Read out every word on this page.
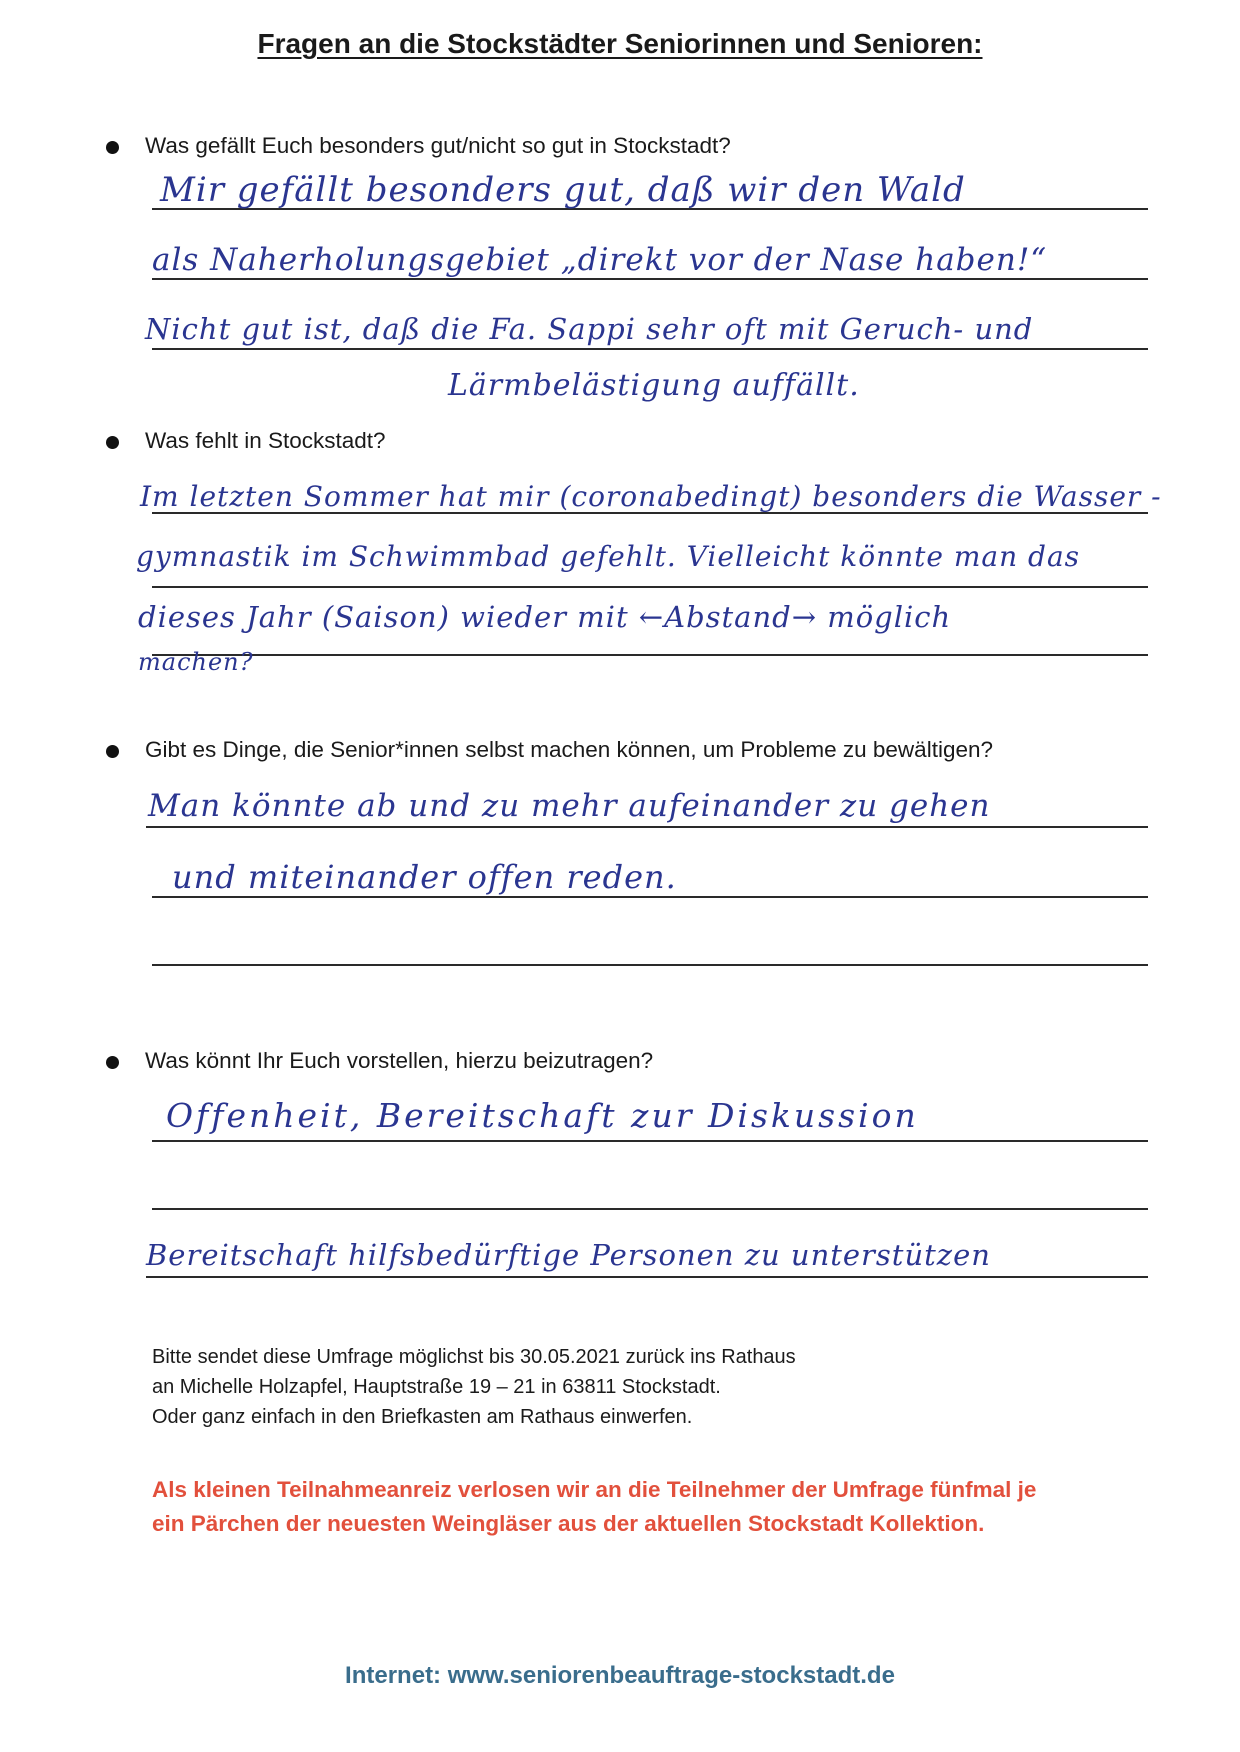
Fragen an die Stockstädter Seniorinnen und Senioren:
Was gefällt Euch besonders gut/nicht so gut in Stockstadt?
Mir gefällt besonders gut, daß wir den Wald
als Naherholungsgebiet „direkt vor der Nase haben!“
Nicht gut ist, daß die Fa. Sappi sehr oft mit Geruch- und
Lärmbelästigung auffällt.
Was fehlt in Stockstadt?
Im letzten Sommer hat mir (coronabedingt) besonders die Wasser -
gymnastik im Schwimmbad gefehlt. Vielleicht könnte man das
dieses Jahr (Saison) wieder mit ←Abstand→ möglich
machen?
Gibt es Dinge, die Senior*innen selbst machen können, um Probleme zu bewältigen?
Man könnte ab und zu mehr aufeinander zu gehen
und miteinander offen reden.
Was könnt Ihr Euch vorstellen, hierzu beizutragen?
Offenheit, Bereitschaft zur Diskussion
Bereitschaft hilfsbedürftige Personen zu unterstützen
Bitte sendet diese Umfrage möglichst bis 30.05.2021 zurück ins Rathaus
an Michelle Holzapfel, Hauptstraße 19 – 21 in 63811 Stockstadt.
Oder ganz einfach in den Briefkasten am Rathaus einwerfen.
Als kleinen Teilnahmeanreiz verlosen wir an die Teilnehmer der Umfrage fünfmal je
ein Pärchen der neuesten Weingläser aus der aktuellen Stockstadt Kollektion.
Internet: www.seniorenbeauftrage-stockstadt.de
